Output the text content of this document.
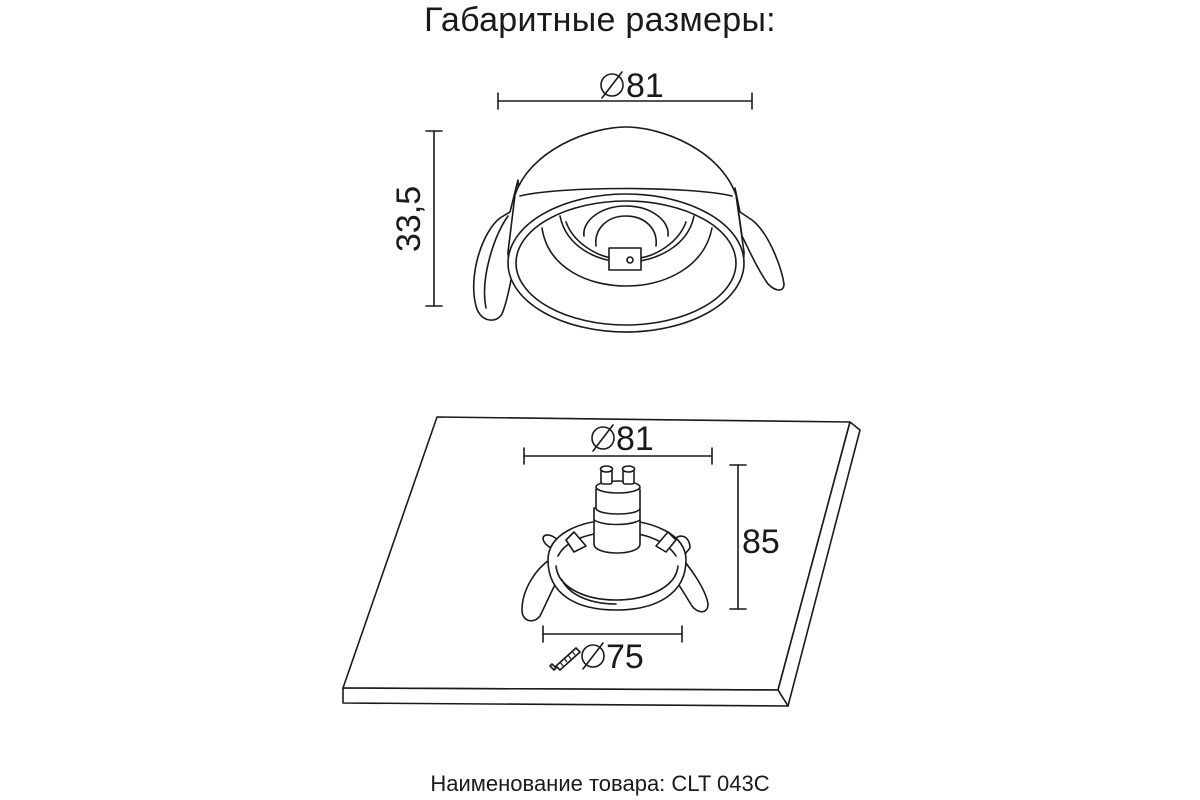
Габаритные размеры:
81
33,5
81
85
75
Наименование товара: CLT 043C
